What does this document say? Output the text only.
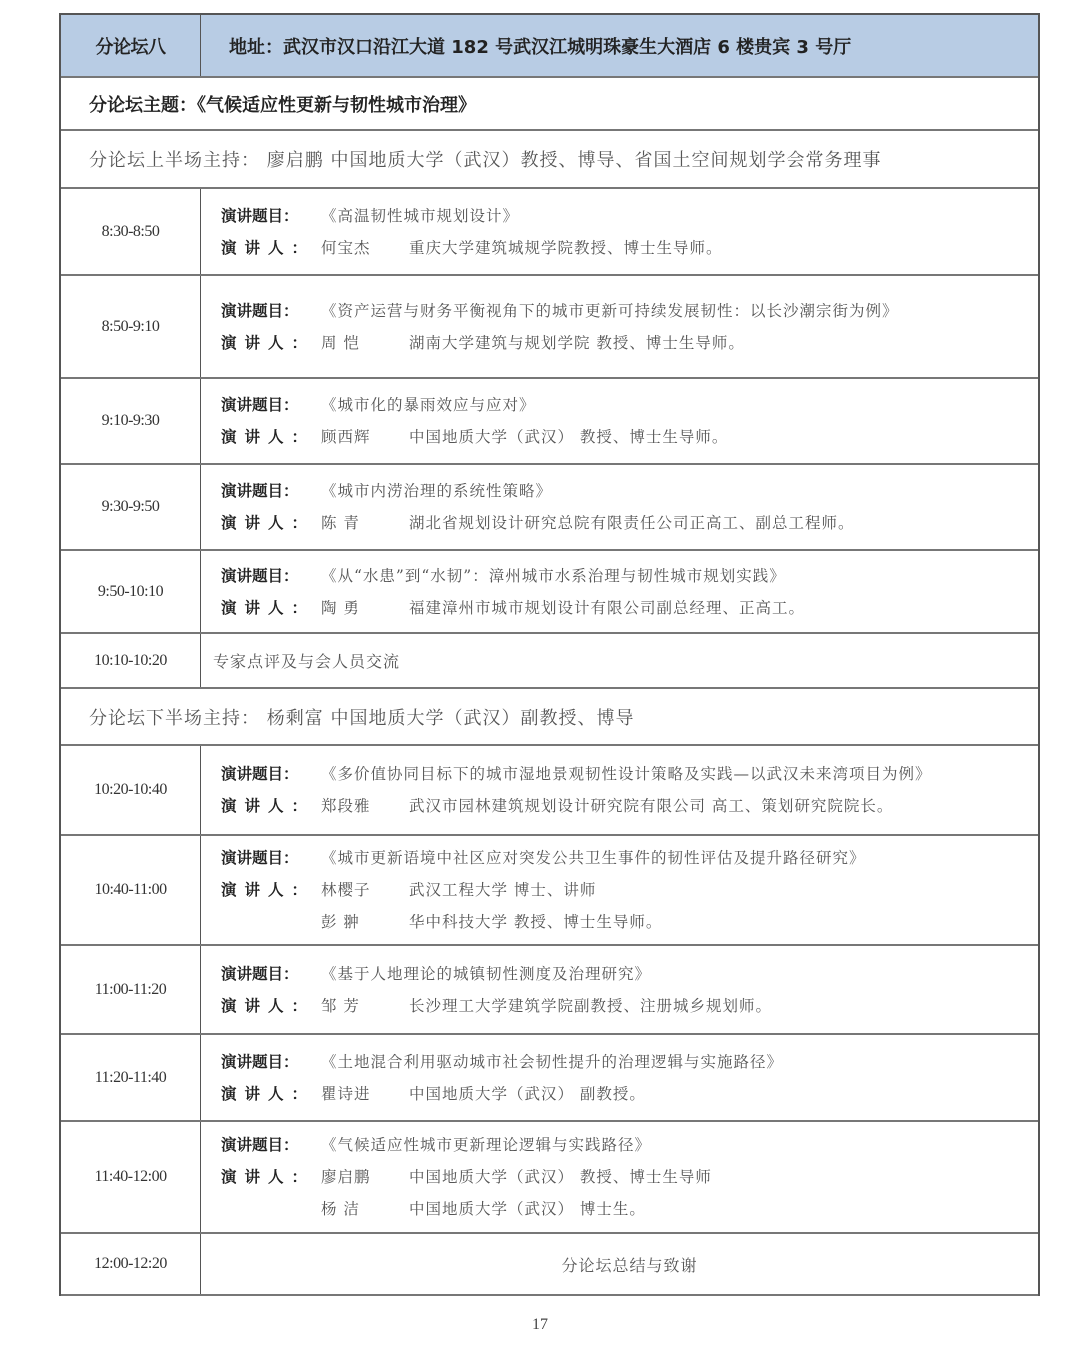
分论坛八	地址：武汉市汉口沿江大道 182 号武汉江城明珠豪生大酒店 6 楼贵宾 3 号厅
分论坛主题：《气候适应性更新与韧性城市治理》
分论坛上半场主持： 廖启鹏 中国地质大学（武汉）教授、博导、省国土空间规划学会常务理事
8:30-8:50
演讲题目：	《高温韧性城市规划设计》
演讲人： 何宝杰	重庆大学建筑城规学院教授、博士生导师。
8:50-9:10
演讲题目：	《资产运营与财务平衡视角下的城市更新可持续发展韧性：以长沙潮宗街为例》
演讲人： 周 恺	湖南大学建筑与规划学院 教授、博士生导师。
9:10-9:30
演讲题目：	《城市化的暴雨效应与应对》
演讲人： 顾西辉	中国地质大学（武汉） 教授、博士生导师。
9:30-9:50
演讲题目：	《城市内涝治理的系统性策略》
演讲人： 陈 青	湖北省规划设计研究总院有限责任公司正高工、副总工程师。
9:50-10:10
演讲题目：	《从“水患”到“水韧”：漳州城市水系治理与韧性城市规划实践》
演讲人： 陶 勇	福建漳州市城市规划设计有限公司副总经理、正高工。
10:10-10:20	专家点评及与会人员交流
分论坛下半场主持： 杨剩富 中国地质大学（武汉）副教授、博导
10:20-10:40
演讲题目：	《多价值协同目标下的城市湿地景观韧性设计策略及实践—以武汉未来湾项目为例》
演讲人： 郑段雅	武汉市园林建筑规划设计研究院有限公司 高工、策划研究院院长。
10:40-11:00
演讲题目：	《城市更新语境中社区应对突发公共卫生事件的韧性评估及提升路径研究》
演讲人： 林樱子	武汉工程大学 博士、讲师
彭 翀	华中科技大学 教授、博士生导师。
11:00-11:20
演讲题目：	《基于人地理论的城镇韧性测度及治理研究》
演讲人： 邹 芳	长沙理工大学建筑学院副教授、注册城乡规划师。
11:20-11:40
演讲题目：	《土地混合利用驱动城市社会韧性提升的治理逻辑与实施路径》
演讲人： 瞿诗进	中国地质大学（武汉） 副教授。
11:40-12:00
演讲题目：	《气候适应性城市更新理论逻辑与实践路径》
演讲人： 廖启鹏	中国地质大学（武汉） 教授、博士生导师
杨 洁	中国地质大学（武汉） 博士生。
12:00-12:20	分论坛总结与致谢
17
